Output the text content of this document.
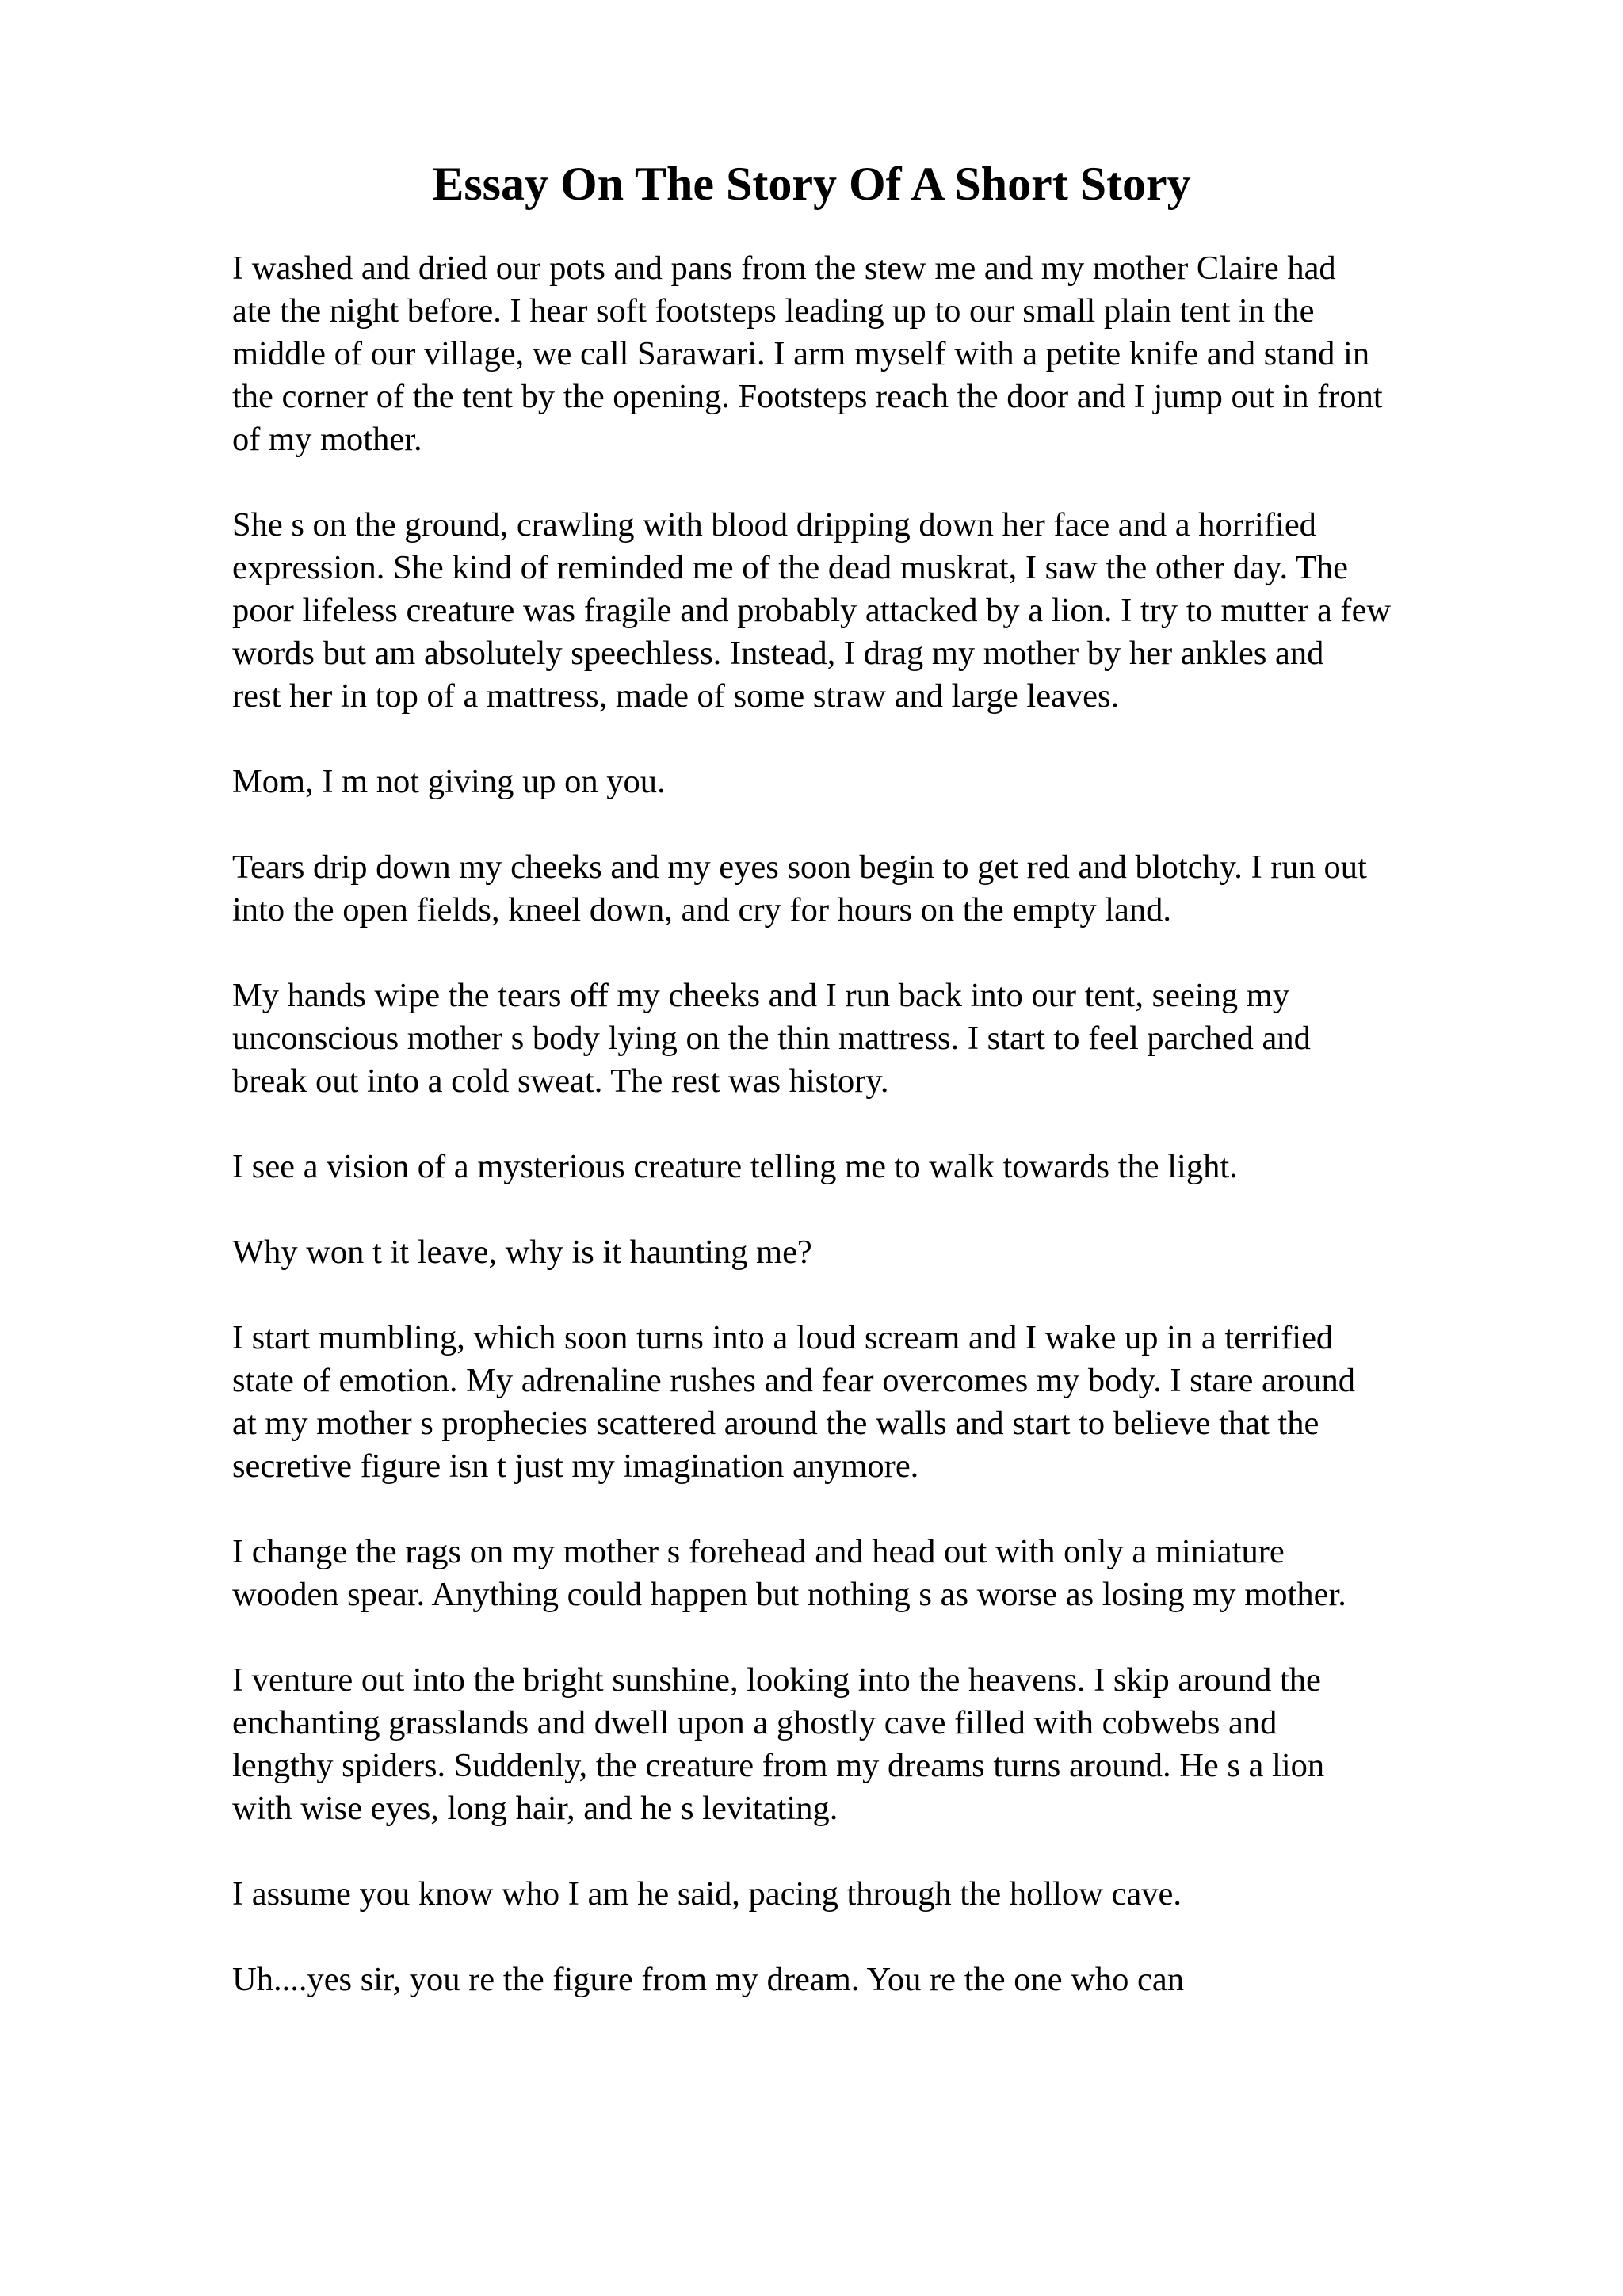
Essay On The Story Of A Short Story

I washed and dried our pots and pans from the stew me and my mother Claire had
ate the night before. I hear soft footsteps leading up to our small plain tent in the
middle of our village, we call Sarawari. I arm myself with a petite knife and stand in
the corner of the tent by the opening. Footsteps reach the door and I jump out in front
of my mother.

She s on the ground, crawling with blood dripping down her face and a horrified
expression. She kind of reminded me of the dead muskrat, I saw the other day. The
poor lifeless creature was fragile and probably attacked by a lion. I try to mutter a few
words but am absolutely speechless. Instead, I drag my mother by her ankles and
rest her in top of a mattress, made of some straw and large leaves.

Mom, I m not giving up on you.

Tears drip down my cheeks and my eyes soon begin to get red and blotchy. I run out
into the open fields, kneel down, and cry for hours on the empty land.

My hands wipe the tears off my cheeks and I run back into our tent, seeing my
unconscious mother s body lying on the thin mattress. I start to feel parched and
break out into a cold sweat. The rest was history.

I see a vision of a mysterious creature telling me to walk towards the light.

Why won t it leave, why is it haunting me?

I start mumbling, which soon turns into a loud scream and I wake up in a terrified
state of emotion. My adrenaline rushes and fear overcomes my body. I stare around
at my mother s prophecies scattered around the walls and start to believe that the
secretive figure isn t just my imagination anymore.

I change the rags on my mother s forehead and head out with only a miniature
wooden spear. Anything could happen but nothing s as worse as losing my mother.

I venture out into the bright sunshine, looking into the heavens. I skip around the
enchanting grasslands and dwell upon a ghostly cave filled with cobwebs and
lengthy spiders. Suddenly, the creature from my dreams turns around. He s a lion
with wise eyes, long hair, and he s levitating.

I assume you know who I am he said, pacing through the hollow cave.

Uh....yes sir, you re the figure from my dream. You re the one who can
